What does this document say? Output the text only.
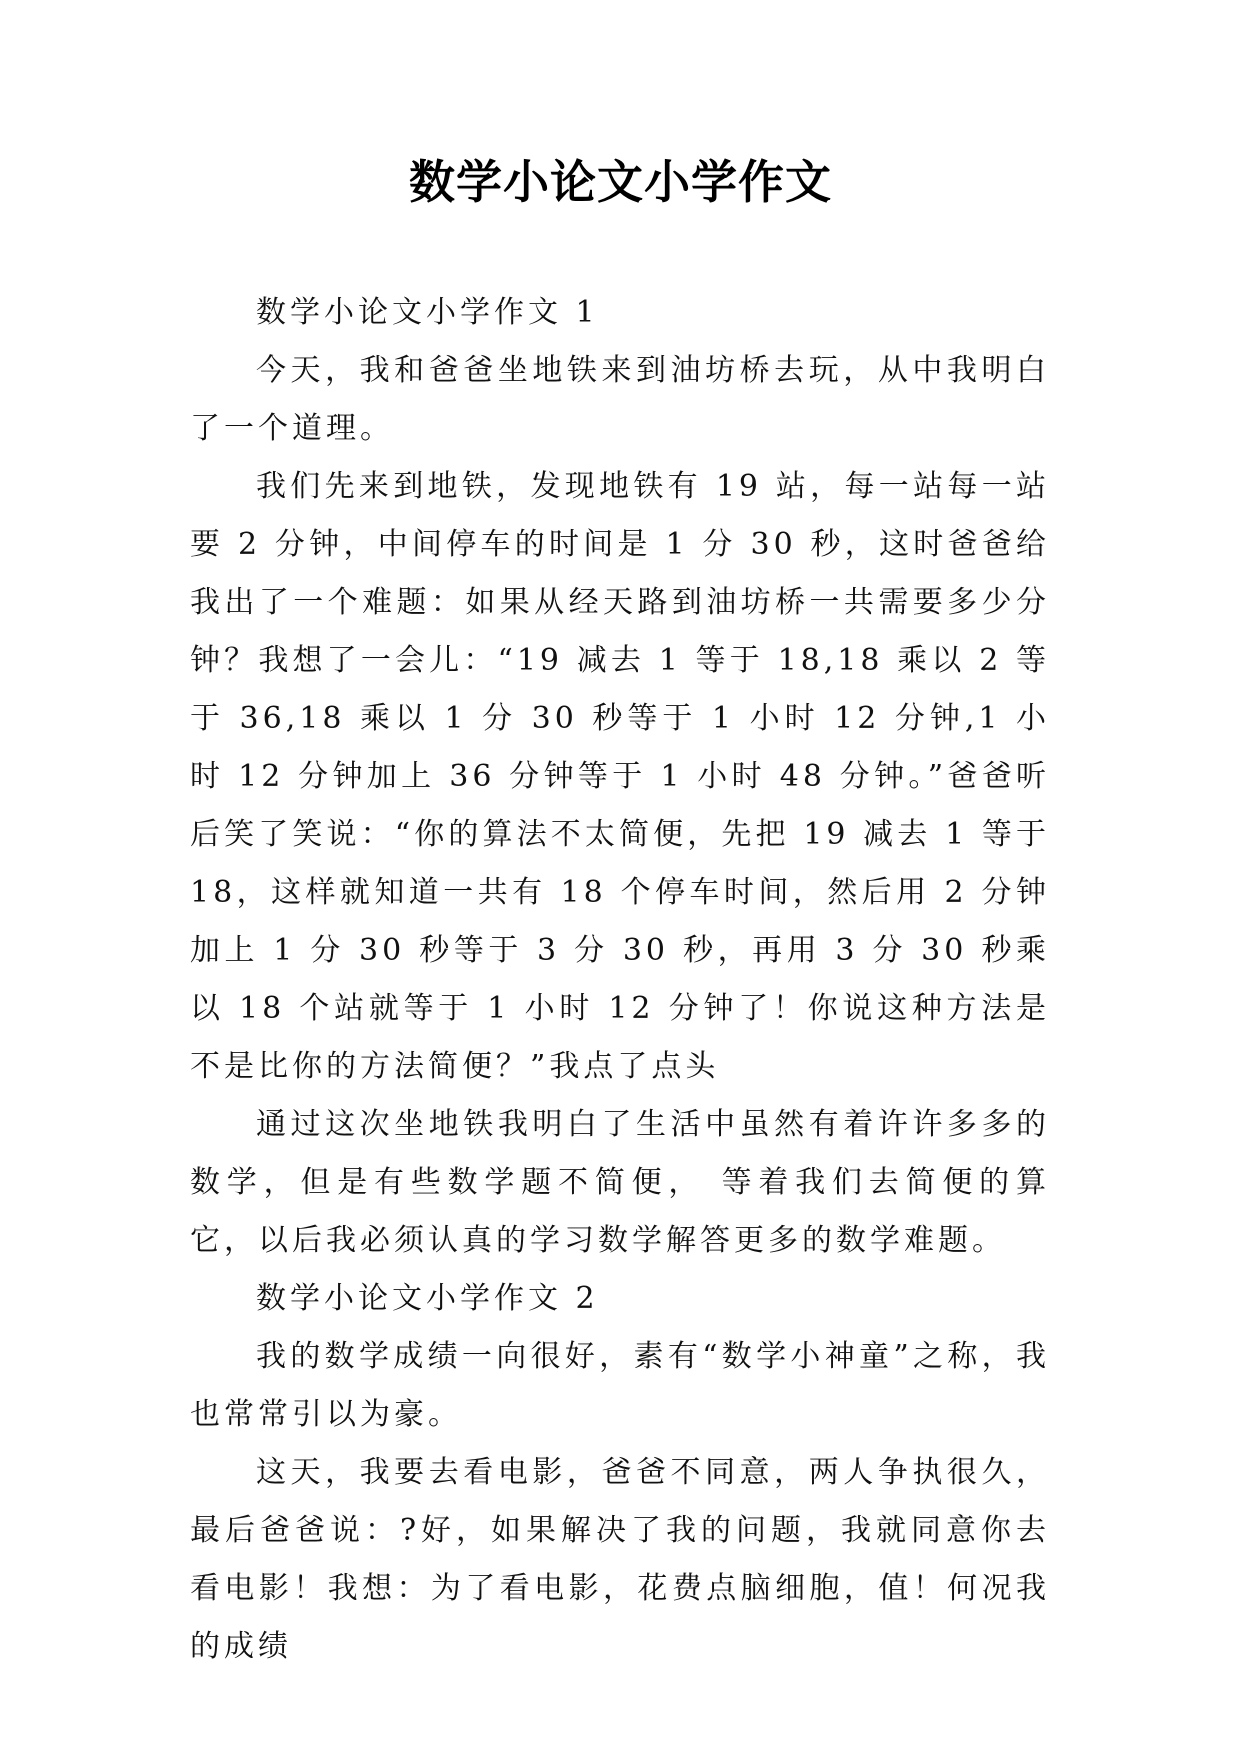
数学小论文小学作文

数学小论文小学作文 1

今天，我和爸爸坐地铁来到油坊桥去玩，从中我明白了一个道理。

我们先来到地铁，发现地铁有 19 站，每一站每一站要 2 分钟，中间停车的时间是 1 分 30 秒，这时爸爸给我出了一个难题：如果从经天路到油坊桥一共需要多少分钟？我想了一会儿：“19 减去 1 等于 18,18 乘以 2 等于 36,18 乘以 1 分 30 秒等于 1 小时 12 分钟,1 小时 12 分钟加上 36 分钟等于 1 小时 48 分钟。”爸爸听后笑了笑说：“你的算法不太简便，先把 19 减去 1 等于 18，这样就知道一共有 18 个停车时间，然后用 2 分钟加上 1 分 30 秒等于 3 分 30 秒，再用 3 分 30 秒乘以 18 个站就等于 1 小时 12 分钟了！你说这种方法是不是比你的方法简便？”我点了点头

通过这次坐地铁我明白了生活中虽然有着许许多多的数学，但是有些数学题不简便， 等着我们去简便的算它，以后我必须认真的学习数学解答更多的数学难题。

数学小论文小学作文 2

我的数学成绩一向很好，素有“数学小神童”之称，我也常常引以为豪。

这天，我要去看电影，爸爸不同意，两人争执很久，最后爸爸说：?好，如果解决了我的问题，我就同意你去看电影！我想：为了看电影，花费点脑细胞，值！何况我的成绩
